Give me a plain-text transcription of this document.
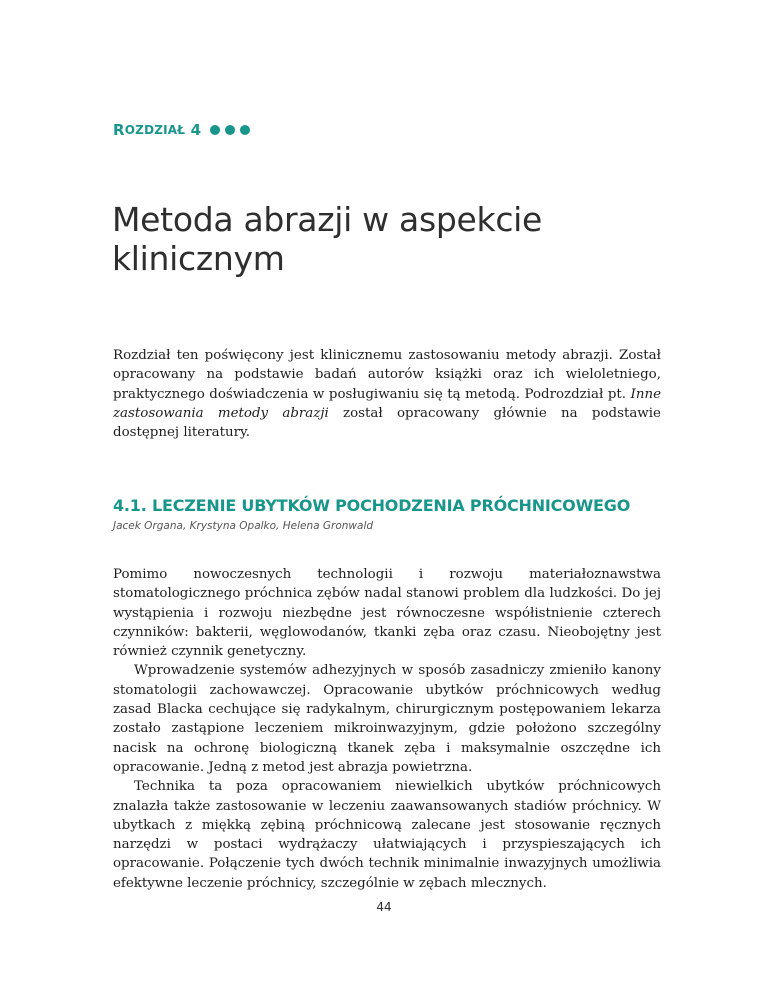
R OZDZIAŁ
4
Metoda abrazji w aspekcie klinicznym

Rozdział ten poświęcony jest klinicznemu zastosowaniu metody abrazji. Został opracowany na podstawie badań autorów książki oraz ich wieloletniego, praktycznego doświadczenia w posługiwaniu się tą metodą. Podrozdział pt. Inne zastosowania metody abrazji został opracowany głównie na podstawie dostępnej literatury.

4.1. LECZENIE UBYTKÓW POCHODZENIA PRÓCHNICOWEGO

Jacek Organa, Krystyna Opalko, Helena Gronwald

Pomimo nowoczesnych technologii i rozwoju materiałoznawstwa stomatologicznego próchnica zębów nadal stanowi problem dla ludzkości. Do jej wystąpienia i rozwoju niezbędne jest równoczesne współistnienie czterech czynników: bakterii, węglowodanów, tkanki zęba oraz czasu. Nieobojętny jest również czynnik genetyczny.

Wprowadzenie systemów adhezyjnych w sposób zasadniczy zmieniło kanony stomatologii zachowawczej. Opracowanie ubytków próchnicowych według zasad Blacka cechujące się radykalnym, chirurgicznym postępowaniem lekarza zostało zastąpione leczeniem mikroinwazyjnym, gdzie położono szczególny nacisk na ochronę biologiczną tkanek zęba i maksymalnie oszczędne ich opracowanie. Jedną z metod jest abrazja powietrzna.

Technika ta poza opracowaniem niewielkich ubytków próchnicowych znalazła także zastosowanie w leczeniu zaawansowanych stadiów próchnicy. W ubytkach z miękką zębiną próchnicową zalecane jest stosowanie ręcznych narzędzi w postaci wydrążaczy ułatwiających i przyspieszających ich opracowanie. Połączenie tych dwóch technik minimalnie inwazyjnych umożliwia efektywne leczenie próchnicy, szczególnie w zębach mlecznych.

44
